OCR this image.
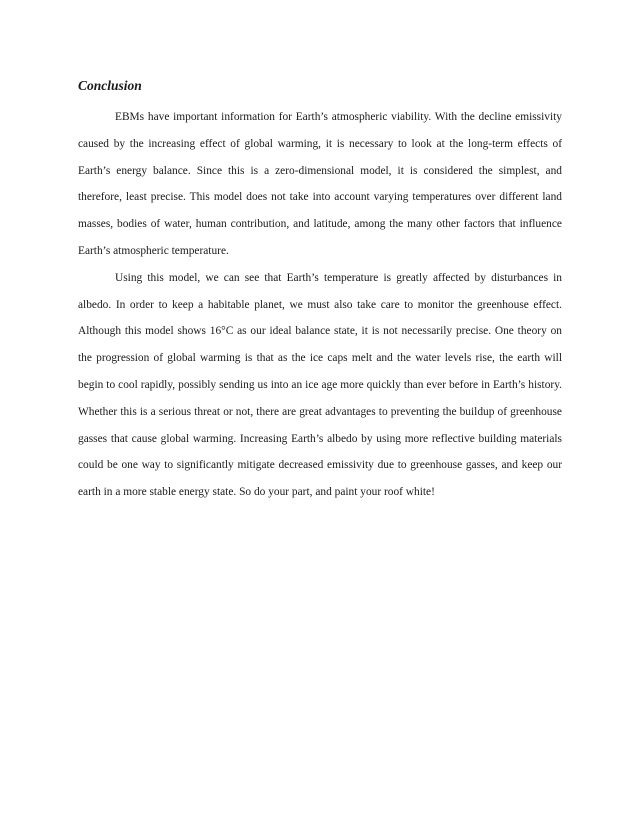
Conclusion

EBMs have important information for Earth’s atmospheric viability. With the decline emissivity caused by the increasing effect of global warming, it is necessary to look at the long-term effects of Earth’s energy balance. Since this is a zero-dimensional model, it is considered the simplest, and therefore, least precise. This model does not take into account varying temperatures over different land masses, bodies of water, human contribution, and latitude, among the many other factors that influence Earth’s atmospheric temperature.

Using this model, we can see that Earth’s temperature is greatly affected by disturbances in albedo. In order to keep a habitable planet, we must also take care to monitor the greenhouse effect. Although this model shows 16°C as our ideal balance state, it is not necessarily precise. One theory on the progression of global warming is that as the ice caps melt and the water levels rise, the earth will begin to cool rapidly, possibly sending us into an ice age more quickly than ever before in Earth’s history. Whether this is a serious threat or not, there are great advantages to preventing the buildup of greenhouse gasses that cause global warming. Increasing Earth’s albedo by using more reflective building materials could be one way to significantly mitigate decreased emissivity due to greenhouse gasses, and keep our earth in a more stable energy state. So do your part, and paint your roof white!
